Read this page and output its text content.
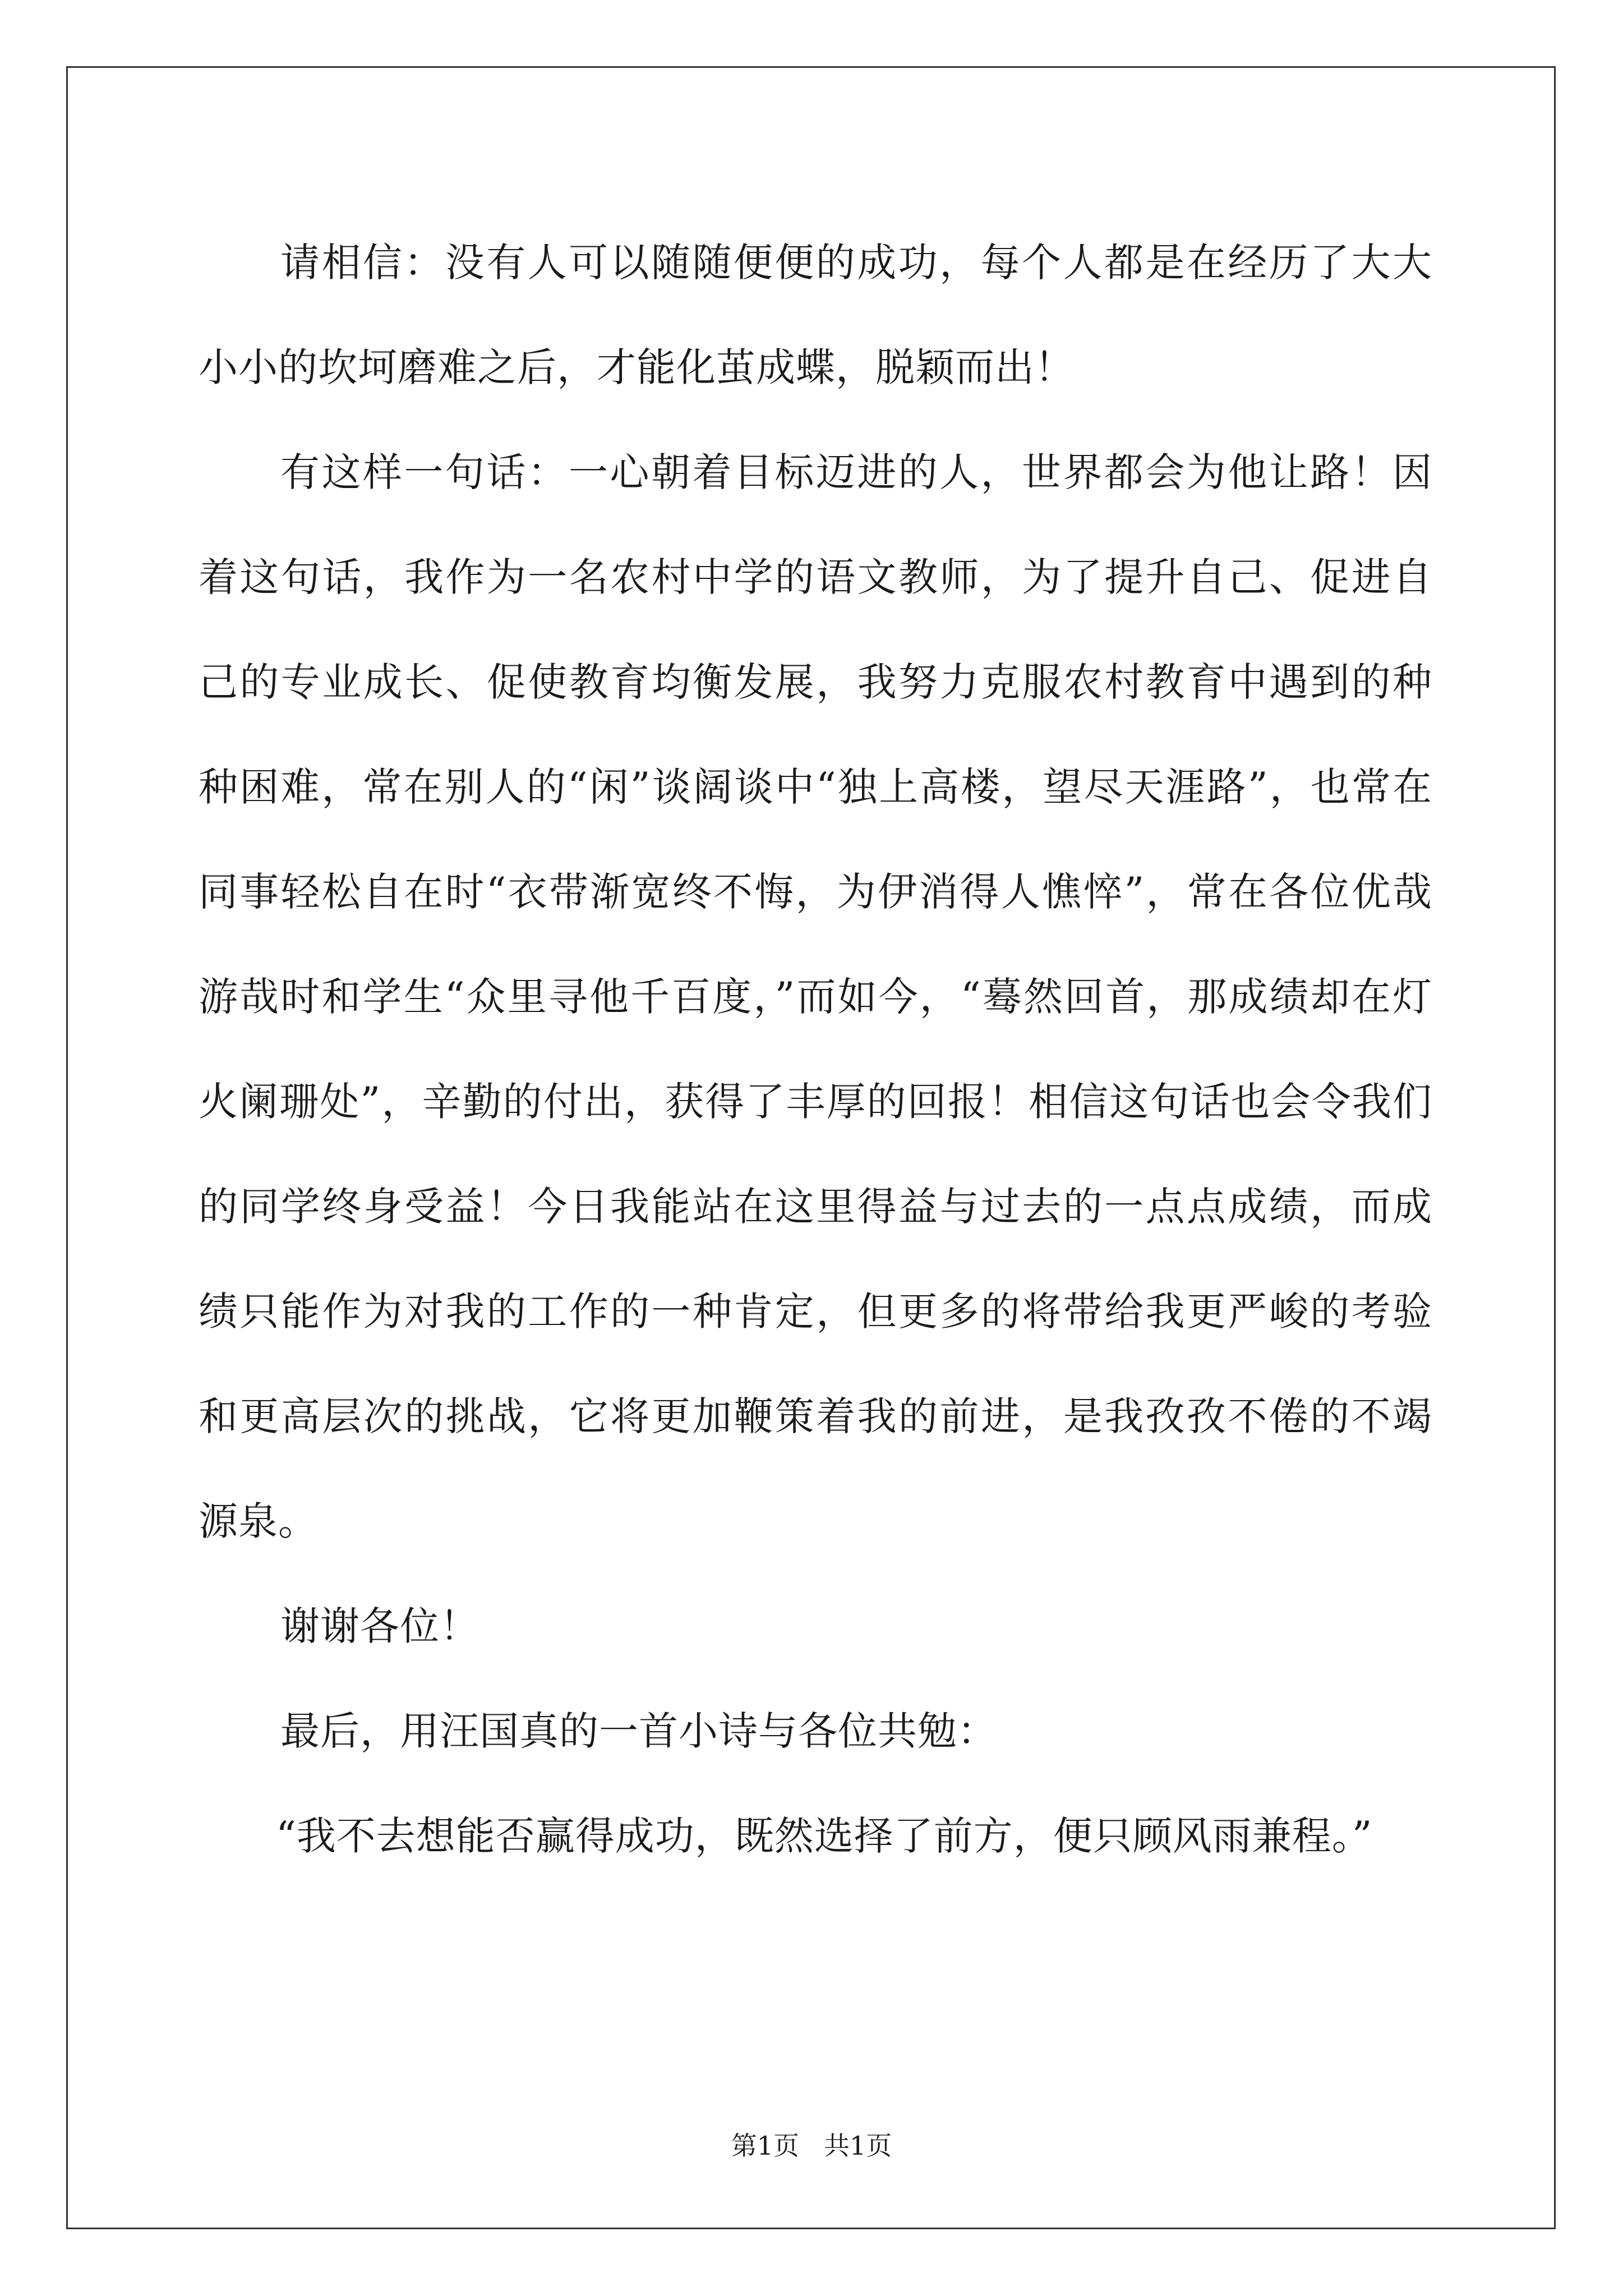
请相信：没有人可以随随便便的成功，每个人都是在经历了大大小小的坎坷磨难之后，才能化茧成蝶，脱颖而出！

有这样一句话：一心朝着目标迈进的人，世界都会为他让路！因着这句话，我作为一名农村中学的语文教师，为了提升自己、促进自己的专业成长、促使教育均衡发展，我努力克服农村教育中遇到的种种困难，常在别人的“闲”谈阔谈中“独上高楼，望尽天涯路”，也常在同事轻松自在时“衣带渐宽终不悔，为伊消得人憔悴”，常在各位优哉游哉时和学生“众里寻他千百度，”而如今，“蓦然回首，那成绩却在灯火阑珊处”，辛勤的付出，获得了丰厚的回报！相信这句话也会令我们的同学终身受益！今日我能站在这里得益与过去的一点点成绩，而成绩只能作为对我的工作的一种肯定，但更多的将带给我更严峻的考验和更高层次的挑战，它将更加鞭策着我的前进，是我孜孜不倦的不竭源泉。

谢谢各位！

最后，用汪国真的一首小诗与各位共勉：

“我不去想能否赢得成功，既然选择了前方，便只顾风雨兼程。”

第1页 共1页
